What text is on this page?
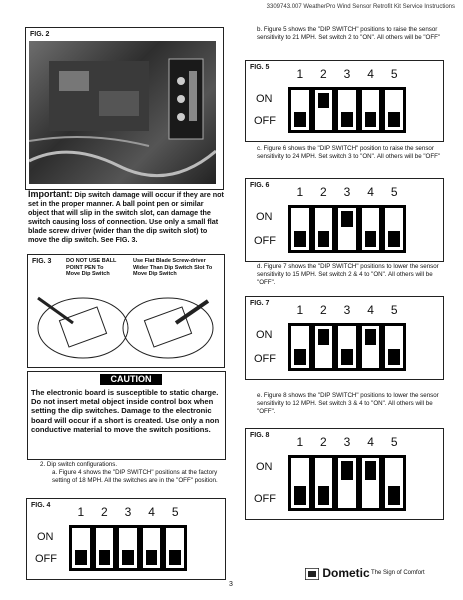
3309743.007 WeatherPro Wind Sensor Retrofit Kit Service Instructions
FIG. 2
Important: Dip switch damage will occur if they are not set in the proper manner. A ball point pen or similar object that will slip in the switch slot, can damage the switch causing loss of connection. Use only a small flat blade screw driver (wider than the dip switch slot) to move the dip switch. See FIG. 3.
FIG. 3	DO NOT USE BALL POINT PEN To Move Dip Switch
Use Flat Blade Screw-driver Wider Than Dip Switch Slot To Move Dip Switch
CAUTION
The electronic board is susceptible to static charge. Do not insert metal object inside control box when setting the dip switches. Damage to the electronic board will occur if a short is created. Use only a non conductive material to move the switch positions.
2. Dip switch configurations.
a. Figure 4 shows the "DIP SWITCH" positions at the factory setting of 18 MPH. All the switches are in the "OFF" position.
b. Figure 5 shows the "DIP SWITCH" positions to raise the sensor sensitivity to 21 MPH. Set switch 2 to "ON". All others will be "OFF"
c. Figure 6 shows the "DIP SWITCH" position to raise the sensor sensitivity to 24 MPH. Set switch 3 to "ON". All others will be "OFF"
d. Figure 7 shows the "DIP SWITCH" positions to lower the sensor sensitivity to 15 MPH. Set switch 2 & 4 to "ON". All others will be "OFF".
e. Figure 8 shows the "DIP SWITCH" positions to lower the sensor sensitivity to 12 MPH. Set switch 3 & 4 to "ON". All others will be "OFF".
FIG. 4	1	2	3	4	5
ON
OFF
FIG. 5	1	2	3	4	5
ON
OFF
FIG. 6	1	2	3	4	5
ON
OFF
FIG. 7	1	2	3	4	5
ON
OFF
FIG. 8	1	2	3	4	5
ON
OFF
Dometic The Sign of Comfort
3
